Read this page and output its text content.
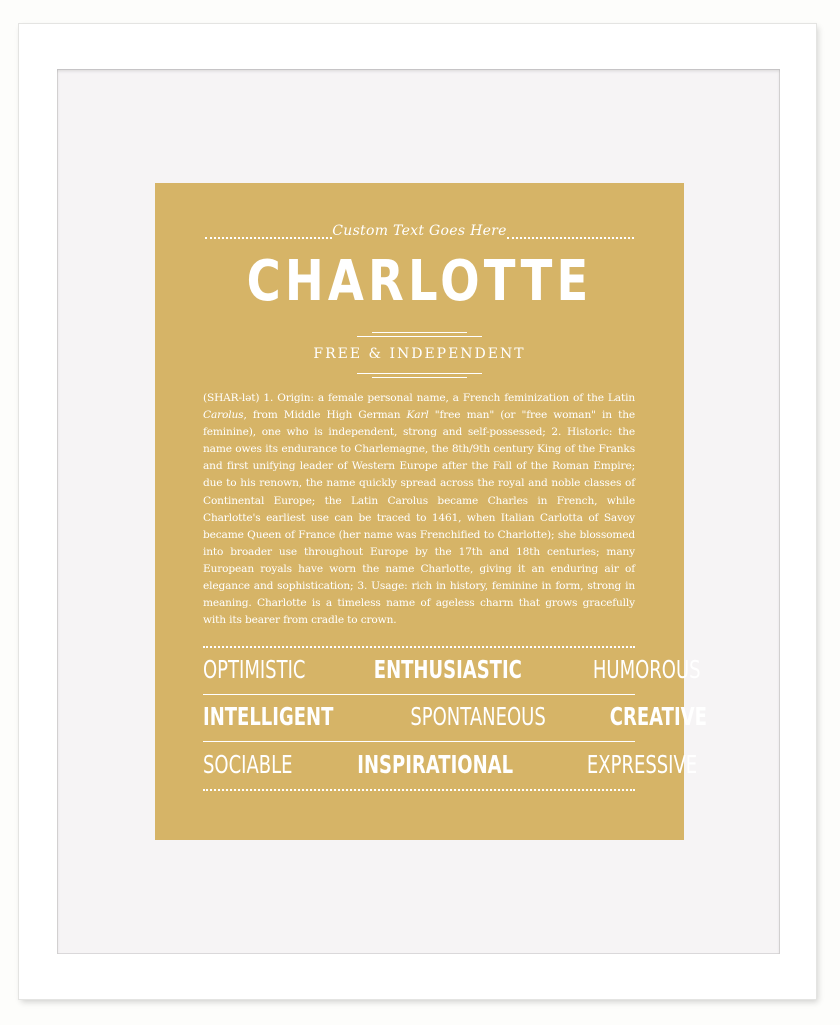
Custom Text Goes Here
CHARLOTTE
FREE & INDEPENDENT
(SHAR-lət) 1. Origin: a female personal name, a French feminization of the Latin Carolus, from Middle High German Karl "free man" (or "free woman" in the feminine), one who is independent, strong and self-possessed; 2. Historic: the name owes its endurance to Charlemagne, the 8th/9th century King of the Franks and first unifying leader of Western Europe after the Fall of the Roman Empire; due to his renown, the name quickly spread across the royal and noble classes of Continental Europe; the Latin Carolus became Charles in French, while Charlotte's earliest use can be traced to 1461, when Italian Carlotta of Savoy became Queen of France (her name was Frenchified to Charlotte); she blossomed into broader use throughout Europe by the 17th and 18th centuries; many European royals have worn the name Charlotte, giving it an enduring air of elegance and sophistication; 3. Usage: rich in history, feminine in form, strong in meaning. Charlotte is a timeless name of ageless charm that grows gracefully with its bearer from cradle to crown.
OPTIMISTIC	ENTHUSIASTIC	HUMOROUS
INTELLIGENT	SPONTANEOUS	CREATIVE
SOCIABLE	INSPIRATIONAL	EXPRESSIVE
